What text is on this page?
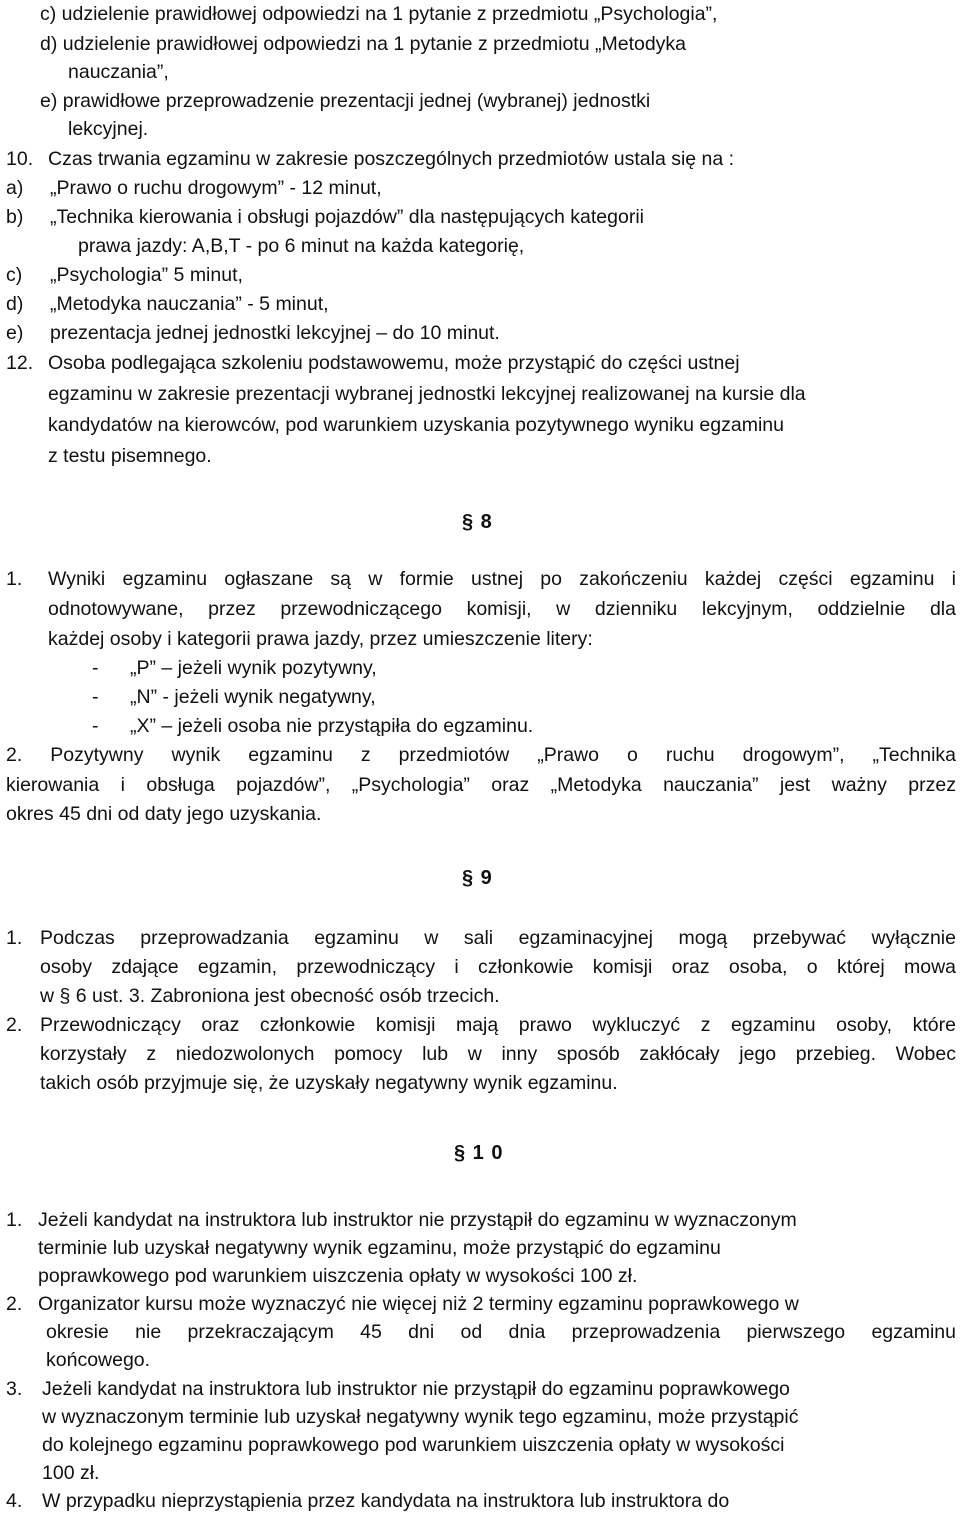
c) udzielenie prawidłowej odpowiedzi na 1 pytanie z przedmiotu „Psychologia”,
d) udzielenie prawidłowej odpowiedzi na 1 pytanie z przedmiotu „Metodyka
nauczania”,
e) prawidłowe przeprowadzenie prezentacji jednej (wybranej) jednostki
lekcyjnej.
10. Czas trwania egzaminu w zakresie poszczególnych przedmiotów ustala się na :
a) „Prawo o ruchu drogowym” - 12 minut,
b) „Technika kierowania i obsługi pojazdów” dla następujących kategorii
prawa jazdy: A,B,T - po 6 minut na każda kategorię,
c) „Psychologia” 5 minut,
d) „Metodyka nauczania” - 5 minut,
e) prezentacja jednej jednostki lekcyjnej – do 10 minut.
12. Osoba podlegająca szkoleniu podstawowemu, może przystąpić do części ustnej
egzaminu w zakresie prezentacji wybranej jednostki lekcyjnej realizowanej na kursie dla
kandydatów na kierowców, pod warunkiem uzyskania pozytywnego wyniku egzaminu
z testu pisemnego.
§ 8
1. Wyniki egzaminu ogłaszane są w formie ustnej po zakończeniu każdej części egzaminu i
odnotowywane, przez przewodniczącego komisji, w dzienniku lekcyjnym, oddzielnie dla
każdej osoby i kategorii prawa jazdy, przez umieszczenie litery:
- „P” – jeżeli wynik pozytywny,
- „N” - jeżeli wynik negatywny,
- „X” – jeżeli osoba nie przystąpiła do egzaminu.
2. Pozytywny wynik egzaminu z przedmiotów „Prawo o ruchu drogowym”, „Technika
kierowania i obsługa pojazdów”, „Psychologia” oraz „Metodyka nauczania” jest ważny przez
okres 45 dni od daty jego uzyskania.
§ 9
1. Podczas przeprowadzania egzaminu w sali egzaminacyjnej mogą przebywać wyłącznie
osoby zdające egzamin, przewodniczący i członkowie komisji oraz osoba, o której mowa
w § 6 ust. 3. Zabroniona jest obecność osób trzecich.
2. Przewodniczący oraz członkowie komisji mają prawo wykluczyć z egzaminu osoby, które
korzystały z niedozwolonych pomocy lub w inny sposób zakłócały jego przebieg. Wobec
takich osób przyjmuje się, że uzyskały negatywny wynik egzaminu.
§ 1 0
1. Jeżeli kandydat na instruktora lub instruktor nie przystąpił do egzaminu w wyznaczonym
terminie lub uzyskał negatywny wynik egzaminu, może przystąpić do egzaminu
poprawkowego pod warunkiem uiszczenia opłaty w wysokości 100 zł.
2. Organizator kursu może wyznaczyć nie więcej niż 2 terminy egzaminu poprawkowego w
okresie nie przekraczającym 45 dni od dnia przeprowadzenia pierwszego egzaminu
końcowego.
3. Jeżeli kandydat na instruktora lub instruktor nie przystąpił do egzaminu poprawkowego
w wyznaczonym terminie lub uzyskał negatywny wynik tego egzaminu, może przystąpić
do kolejnego egzaminu poprawkowego pod warunkiem uiszczenia opłaty w wysokości
100 zł.
4. W przypadku nieprzystąpienia przez kandydata na instruktora lub instruktora do
